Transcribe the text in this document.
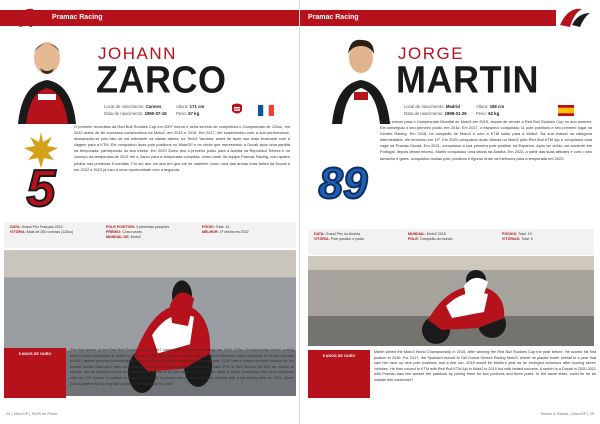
Pramac Racing
JOHANN
ZARCO
Local de nascimento: Cannes	Altura: 171 cm
Data de nascimento: 1990-07-16	Peso: 67 kg
5
O primeiro recordista da Red Bull Rookies Cup em 2007 entrou e seria servido de competidor o Campeonato de 125cc, em 2010 antes de ter sucessos consecutivos na Moto2, em 2015 e 2016. Em 2017, ele surpreendeu com a sua performance, destacando-se pelo fato de ser estreante na classe rainha, na Tech3 Yamaha, antes de fazer uso mais frustrante com a viagem para a KTM. Ele conquistou duas pole positions no MotoGP e no chute que representou a Ducati após uma partida na temporada, participando do ano inteiro. Em 2020 Zarco deu o primeiro pódio para a Avintia na República Tcheca e no começo da temporada de 2021 ele e Zarco para a temporada completa, como parte da equipe Pramac Racing, com quatro pódios nas primeiras 6 corridas. Foi um ano um ano em que ele se manteve como uma das armas mais fortes da Ducati e em 2022 e 2023 já com a nova oportunidade com a segunda.
DATA: Grand Prix Français 2023
VITÓRIA: Mais de 250 corridas (125cc)
POLE POSITION: 3 primeiras posições
PRÉMIO: Cinco vezes
MUNDIAL DE: Moto2
PÓDIO: Total: 14
MELHOR: 1ª vitória em 2022
5 ANOS DE OURO
The first winner of the Red Bull Rookies Cup in 2007 came within a race of claiming the 2010 125cc Championship before putting back-to-back successes in Moto2 in 2015 and 2016. He wowed the sport with a series of standout rookie showings for Tech3 Yamaha in 2017 before growing increasingly frustrated with his 'Satellite' status the following year. 2019 was a deeply troubled season for the double World Champion after an ill-judged move to KTM. An early exit after the Grand Prix of San Marino put him on course to rebuild, but he secured a seat in Avintia Ducati ahead of its full move in 2020 on the back of some promising rides as a substitute rider at LCR Honda. A podium at Brno was enough to secure him a seat in Pramac Racing with a full factory bike for 2021, which Zarco justified by scoring four podiums. He stays put for 2022.
24 | MotoGP | Perfil do Piloto
Pramac Racing
JORGE
MARTIN
Local de nascimento: Madrid	Altura: 168 cm
Data de nascimento: 1998-01-29	Peso: 62 kg
89
Martin entrou para o Campeonato Mundial de Moto3 em 2015, depois de vencer a Red Bull Rookies Cup no ano anterior. Ele conseguiu o seu primeiro pódio, em 2016. Em 2017, o espanhol conquistou 11 pole positions e seu primeiro lugar na Gresini Racing. Em 2018, foi campeão de Moto3 e com a KTM subiu para a Moto2. Na sua estreia na categoria intermediária, ele terminou em 11º. Em 2020 conquistou duas vitórias na Moto2 pela Red Bull KTM Ajo e conquistou uma vaga na Pramac Ducati. Em 2021, conquistou a sua primeira pole position na Espanha. Após ter vivido um acidente em Portugal, depois desse retorno, Martin conquistou uma vitória na Áustria. Em 2022, a partir das suas atitudes e com o seu tamanho e garra, conquistou muitas pole positions e figurou entre os melhores para a temporada em 2023.
DATA: Grand Prix da Áustria
VITÓRIA: Pole position e pódio
MUNDIAL: Moto3 2018
POLE: Campeão do mundo
PÓDIOS: Total: 19
VITÓRIAS: Total: 9
5 ANOS DE OURO
Martin joined the Moto3 World Championship in 2015, after winning the Red Bull Rookies Cup the year before. He scored his first podium in 2016. For 2017, the Spaniard moved to Del Conca Gresini Racing Moto3, where he placed fourth overall in a year that saw him rack up nine pole positions and a first win. 2018 would be Martin's year as he emerged victorious after scoring seven victories. He then moved to KTM with Red Bull KTM Ajo in Moto2 in 2019 but with limited success. A switch to a Ducati in 2020-2021 with Pramac saw him amaze the paddock by joining them for two podiums and three poles. In the same team, could he be an outside title contender?
Teams & Riders | MotoGP | 25
